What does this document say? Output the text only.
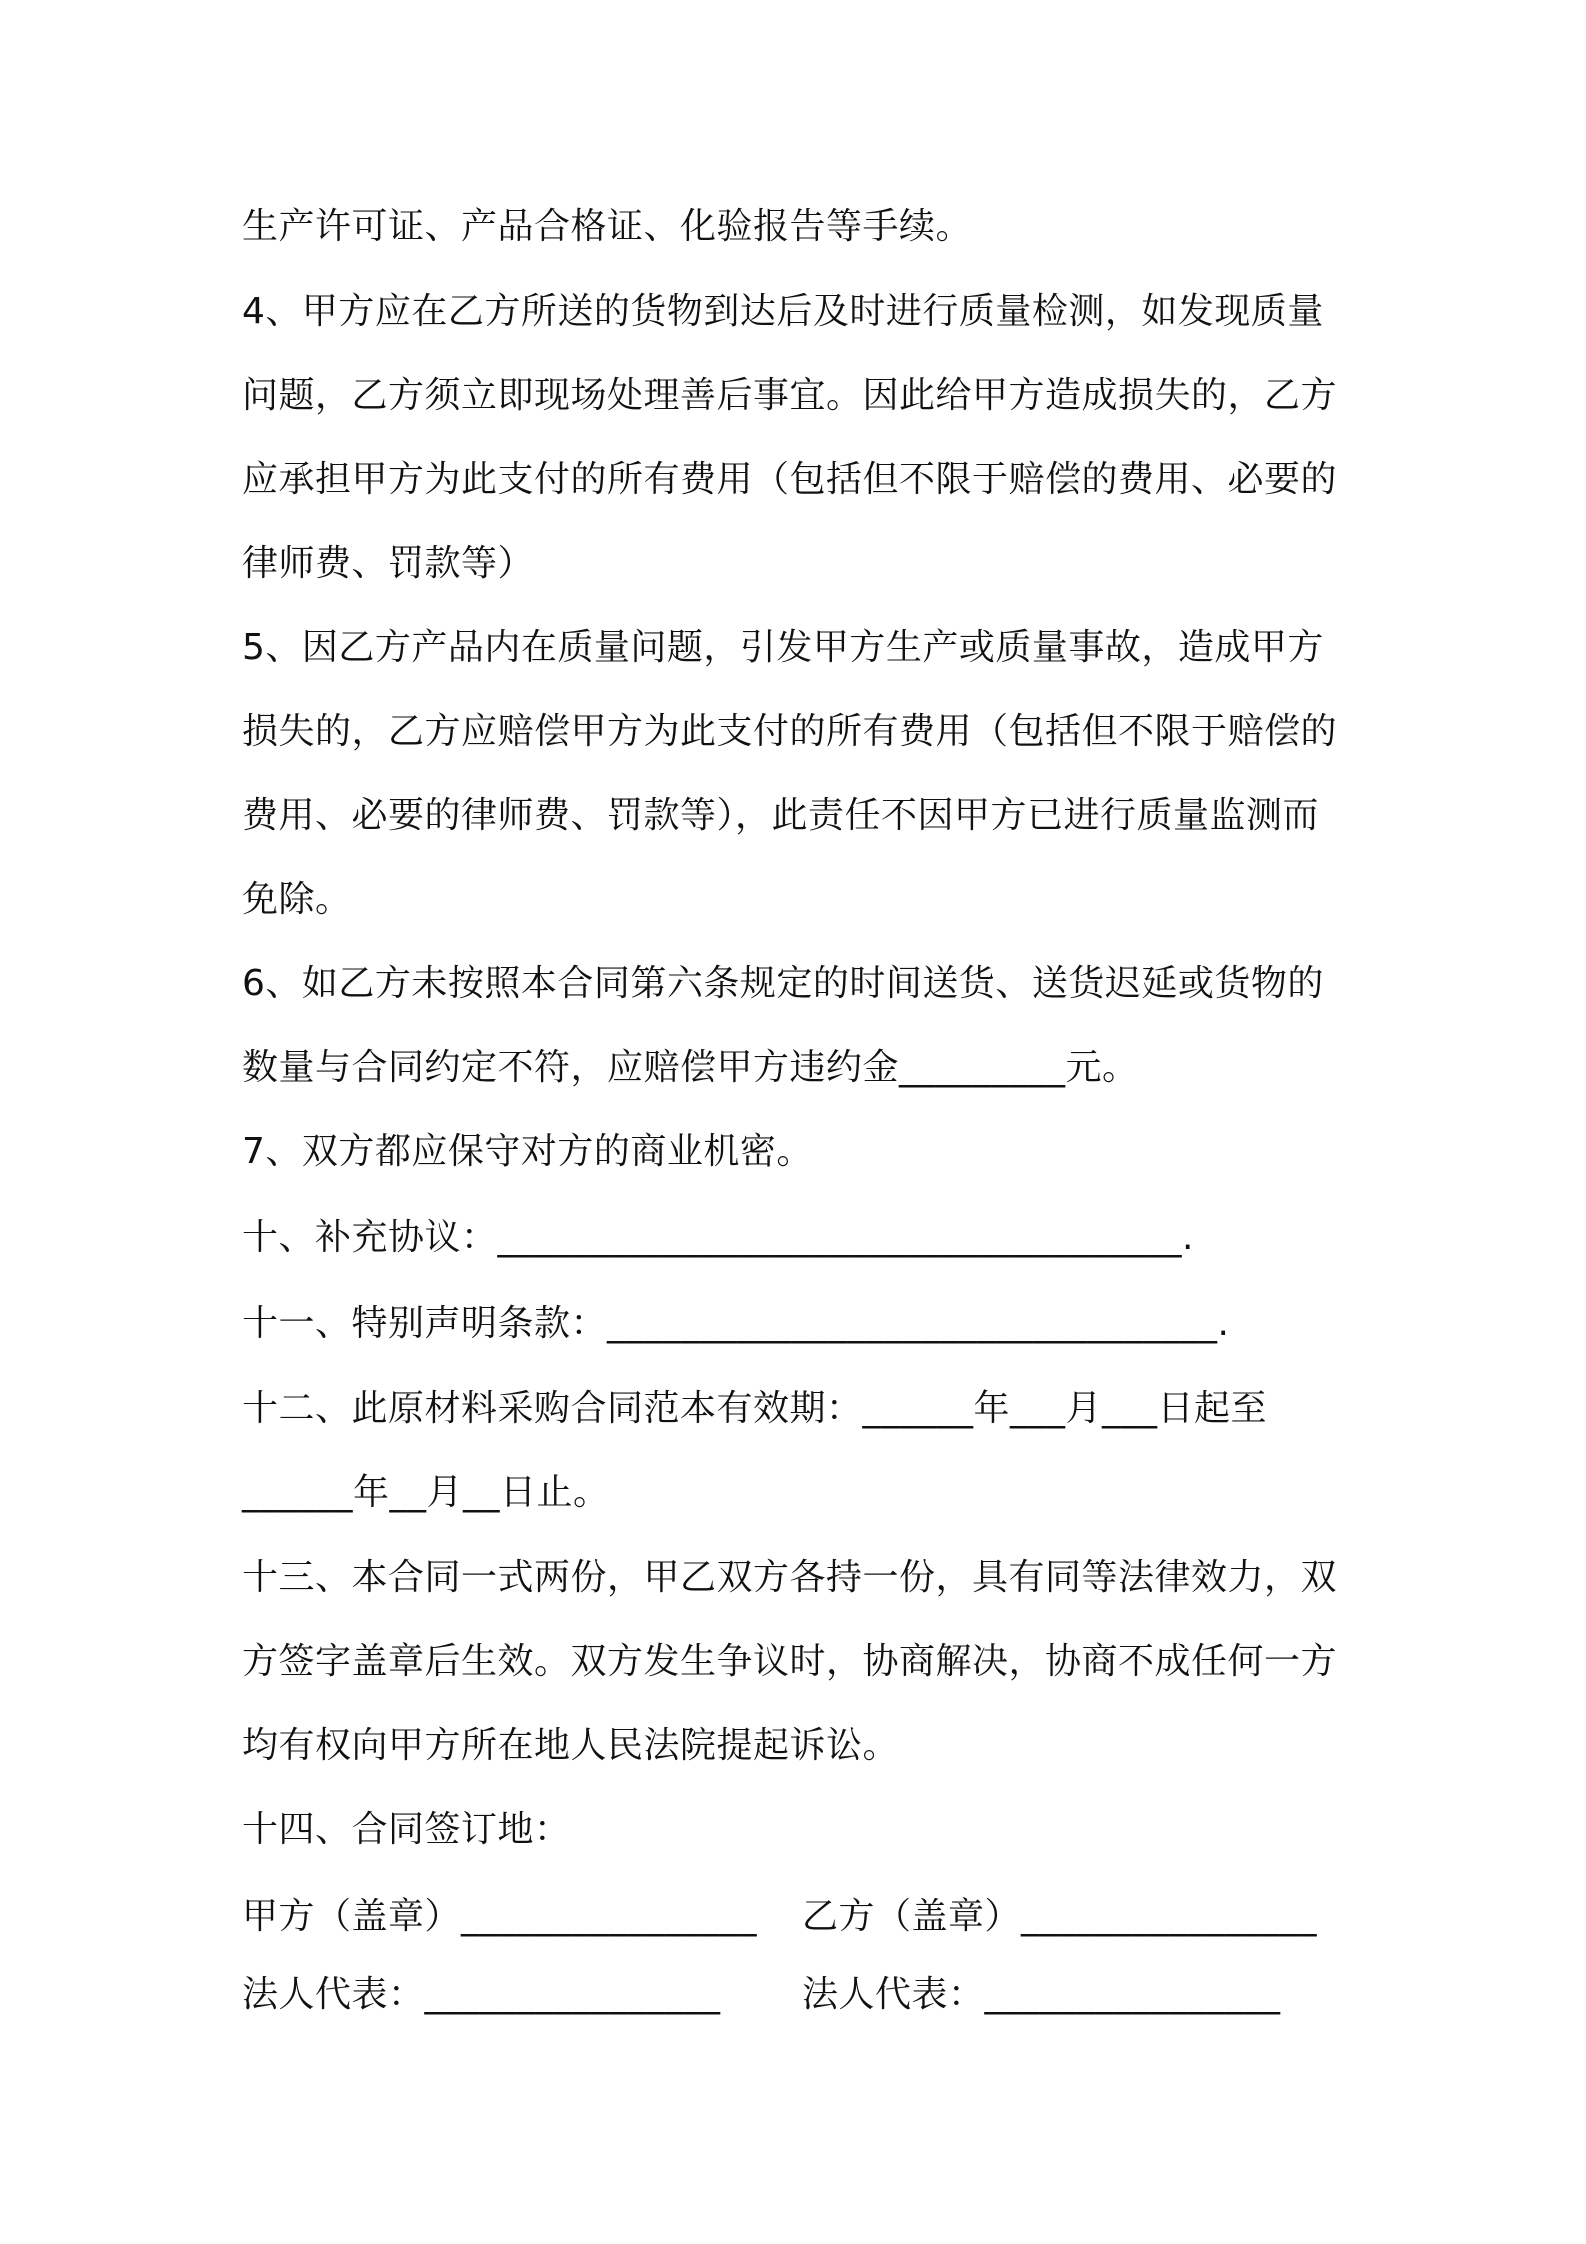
生产许可证、产品合格证、化验报告等手续。
4、甲方应在乙方所送的货物到达后及时进行质量检测，如发现质量
问题，乙方须立即现场处理善后事宜。因此给甲方造成损失的，乙方
应承担甲方为此支付的所有费用（包括但不限于赔偿的费用、必要的
律师费、罚款等）
5、因乙方产品内在质量问题，引发甲方生产或质量事故，造成甲方
损失的，乙方应赔偿甲方为此支付的所有费用（包括但不限于赔偿的
费用、必要的律师费、罚款等），此责任不因甲方已进行质量监测而
免除。
6、如乙方未按照本合同第六条规定的时间送货、送货迟延或货物的
数量与合同约定不符，应赔偿甲方违约金_________元。
7、双方都应保守对方的商业机密。
十、补充协议：_____________________________________.
十一、特别声明条款：_________________________________.
十二、此原材料采购合同范本有效期：______年___月___日起至
______年__月__日止。
十三、本合同一式两份，甲乙双方各持一份，具有同等法律效力，双
方签字盖章后生效。双方发生争议时，协商解决，协商不成任何一方
均有权向甲方所在地人民法院提起诉讼。
十四、合同签订地：
甲方（盖章）________________ 乙方（盖章）________________
法人代表：________________ 法人代表：________________
